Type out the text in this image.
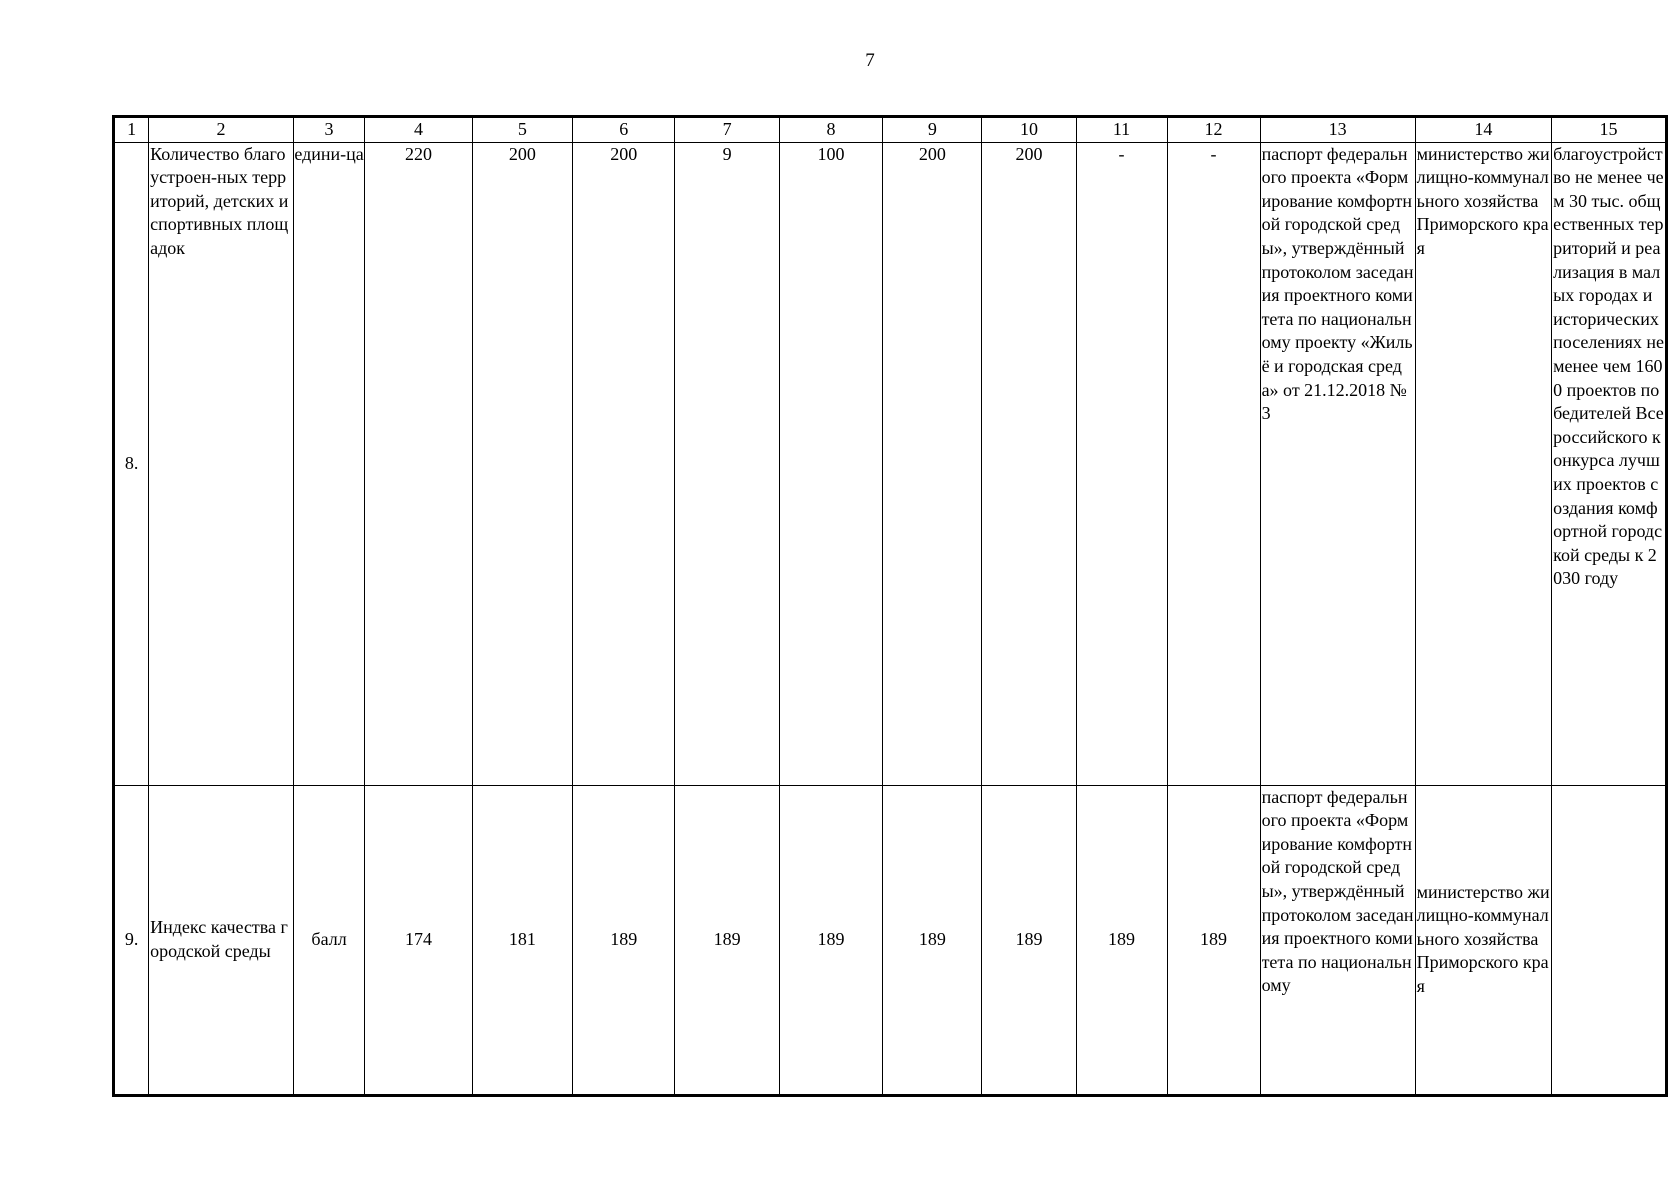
7
1	2	3	4	5	6	7	8	9	10	11	12	13	14	15
8.	Количество благоустроен-ных территорий, детских и спортивных площадок	едини-ца	220	200	200	9	100	200	200	-	-	паспорт федерального проекта «Формирование комфортной городской среды», утверждённый протоколом заседания проектного комитета по национальному проекту «Жильё и городская среда» от 21.12.2018 № 3	министерство жилищно-коммунального хозяйства Приморского края	благоустройство не менее чем 30 тыс. общественных территорий и реализация в малых городах и исторических поселениях не менее чем 1600 проектов победителей Всероссийского конкурса лучших проектов создания комфортной городской среды к 2030 году
9.	Индекс качества городской среды	балл	174	181	189	189	189	189	189	189	189	паспорт федерального проекта «Формирование комфортной городской среды», утверждённый протоколом заседания проектного комитета по национальному	министерство жилищно-коммунального хозяйства Приморского края	
